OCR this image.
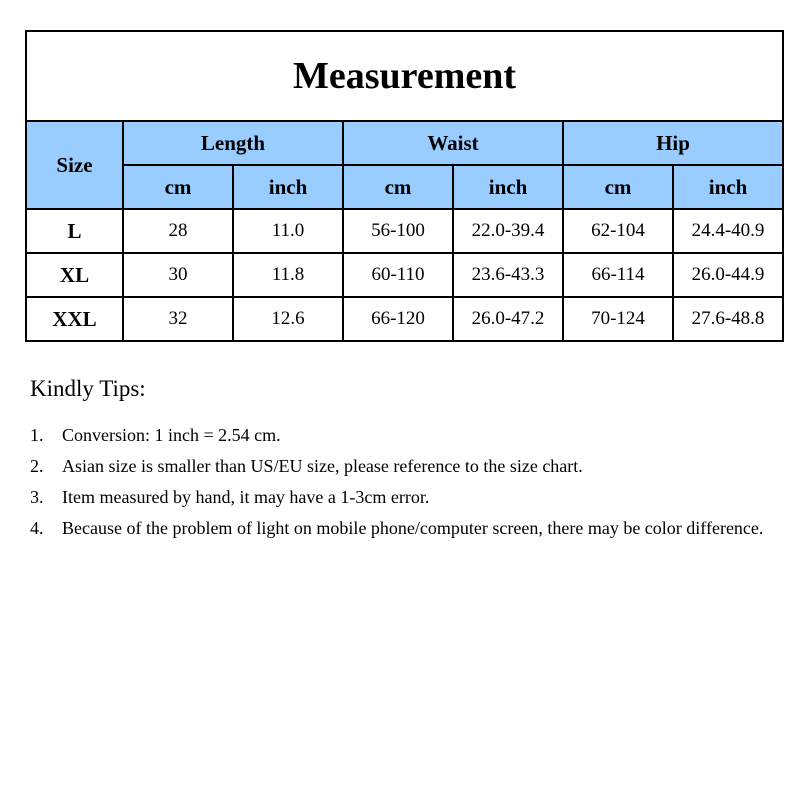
Measurement						
Size	Length		Waist		Hip	
	cm	inch	cm	inch	cm	inch
L	28	11.0	56-100	22.0-39.4	62-104	24.4-40.9
XL	30	11.8	60-110	23.6-43.3	66-114	26.0-44.9
XXL	32	12.6	66-120	26.0-47.2	70-124	27.6-48.8
Kindly Tips:
1.	Conversion: 1 inch = 2.54 cm.
2.	Asian size is smaller than US/EU size, please reference to the size chart.
3.	Item measured by hand, it may have a 1-3cm error.
4.	Because of the problem of light on mobile phone/computer screen, there may be color difference.
